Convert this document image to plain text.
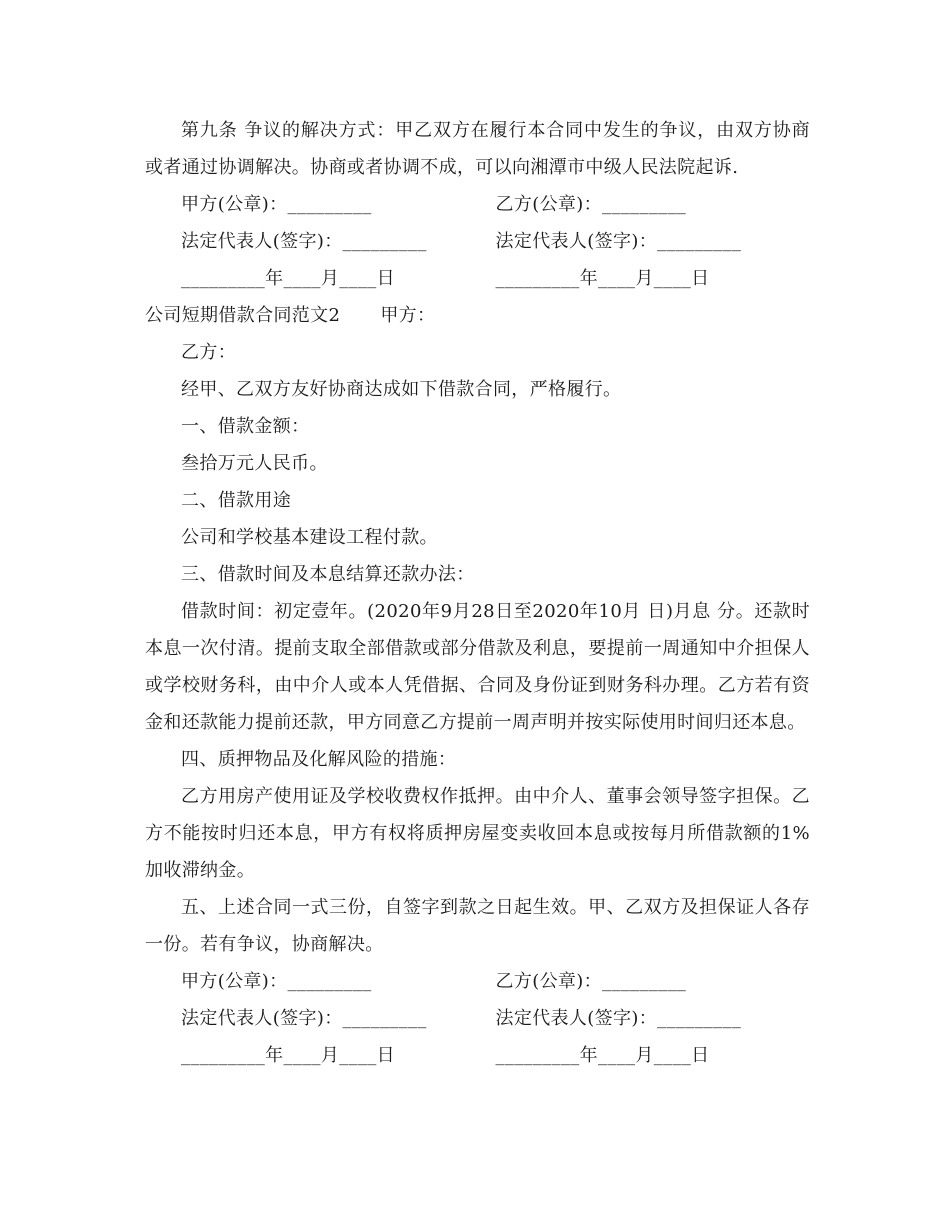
第九条 争议的解决方式：甲乙双方在履行本合同中发生的争议，由双方协商或者通过协调解决。协商或者协调不成，可以向湘潭市中级人民法院起诉.

甲方(公章)：_________	乙方(公章)：_________
法定代表人(签字)：_________	法定代表人(签字)：_________
_________年____月____日	_________年____月____日
公司短期借款合同范文2 甲方：

乙方：

经甲、乙双方友好协商达成如下借款合同，严格履行。

一、借款金额：

叁拾万元人民币。

二、借款用途

公司和学校基本建设工程付款。

三、借款时间及本息结算还款办法：

借款时间：初定壹年。(2020年9月28日至2020年10月 日)月息 分。还款时本息一次付清。提前支取全部借款或部分借款及利息，要提前一周通知中介担保人或学校财务科，由中介人或本人凭借据、合同及身份证到财务科办理。乙方若有资金和还款能力提前还款，甲方同意乙方提前一周声明并按实际使用时间归还本息。

四、质押物品及化解风险的措施：

乙方用房产使用证及学校收费权作抵押。由中介人、董事会领导签字担保。乙方不能按时归还本息，甲方有权将质押房屋变卖收回本息或按每月所借款额的1%加收滞纳金。

五、上述合同一式三份，自签字到款之日起生效。甲、乙双方及担保证人各存一份。若有争议，协商解决。

甲方(公章)：_________	乙方(公章)：_________
法定代表人(签字)：_________	法定代表人(签字)：_________
_________年____月____日	_________年____月____日
